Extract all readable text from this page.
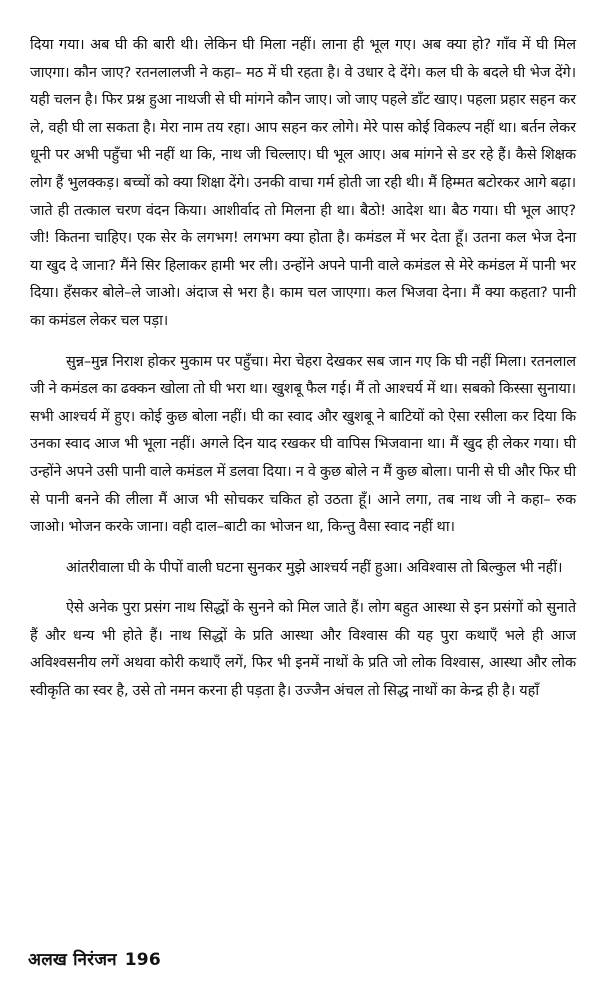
दिया गया। अब घी की बारी थी। लेकिन घी मिला नहीं। लाना ही भूल गए। अब क्या हो? गाँव में घी मिल जाएगा। कौन जाए? रतनलालजी ने कहा– मठ में घी रहता है। वे उधार दे देंगे। कल घी के बदले घी भेज देंगे। यही चलन है। फिर प्रश्न हुआ नाथजी से घी मांगने कौन जाए। जो जाए पहले डाँट खाए। पहला प्रहार सहन कर ले, वही घी ला सकता है। मेरा नाम तय रहा। आप सहन कर लोगे। मेरे पास कोई विकल्प नहीं था। बर्तन लेकर धूनी पर अभी पहुँचा भी नहीं था कि, नाथ जी चिल्लाए। घी भूल आए। अब मांगने से डर रहे हैं। कैसे शिक्षक लोग हैं भुलक्कड़। बच्चों को क्या शिक्षा देंगे। उनकी वाचा गर्म होती जा रही थी। मैं हिम्मत बटोरकर आगे बढ़ा। जाते ही तत्काल चरण वंदन किया। आशीर्वाद तो मिलना ही था। बैठो! आदेश था। बैठ गया। घी भूल आए? जी! कितना चाहिए। एक सेर के लगभग! लगभग क्या होता है। कमंडल में भर देता हूँ। उतना कल भेज देना या खुद दे जाना? मैंने सिर हिलाकर हामी भर ली। उन्होंने अपने पानी वाले कमंडल से मेरे कमंडल में पानी भर दिया। हँसकर बोले–ले जाओ। अंदाज से भरा है। काम चल जाएगा। कल भिजवा देना। मैं क्या कहता? पानी का कमंडल लेकर चल पड़ा।

सुन्न–मुन्न निराश होकर मुकाम पर पहुँचा। मेरा चेहरा देखकर सब जान गए कि घी नहीं मिला। रतनलाल जी ने कमंडल का ढक्कन खोला तो घी भरा था। खुशबू फैल गई। मैं तो आश्चर्य में था। सबको किस्सा सुनाया। सभी आश्चर्य में हुए। कोई कुछ बोला नहीं। घी का स्वाद और खुशबू ने बाटियों को ऐसा रसीला कर दिया कि उनका स्वाद आज भी भूला नहीं। अगले दिन याद रखकर घी वापिस भिजवाना था। मैं खुद ही लेकर गया। घी उन्होंने अपने उसी पानी वाले कमंडल में डलवा दिया। न वे कुछ बोले न मैं कुछ बोला। पानी से घी और फिर घी से पानी बनने की लीला मैं आज भी सोचकर चकित हो उठता हूँ। आने लगा, तब नाथ जी ने कहा– रुक जाओ। भोजन करके जाना। वही दाल–बाटी का भोजन था, किन्तु वैसा स्वाद नहीं था।

आंतरीवाला घी के पीपों वाली घटना सुनकर मुझे आश्चर्य नहीं हुआ। अविश्वास तो बिल्कुल भी नहीं।

ऐसे अनेक पुरा प्रसंग नाथ सिद्धों के सुनने को मिल जाते हैं। लोग बहुत आस्था से इन प्रसंगों को सुनाते हैं और धन्य भी होते हैं। नाथ सिद्धों के प्रति आस्था और विश्वास की यह पुरा कथाएँ भले ही आज अविश्वसनीय लगें अथवा कोरी कथाएँ लगें, फिर भी इनमें नाथों के प्रति जो लोक विश्वास, आस्था और लोक स्वीकृति का स्वर है, उसे तो नमन करना ही पड़ता है। उज्जैन अंचल तो सिद्ध नाथों का केन्द्र ही है। यहाँ

अलख निरंजन 196
